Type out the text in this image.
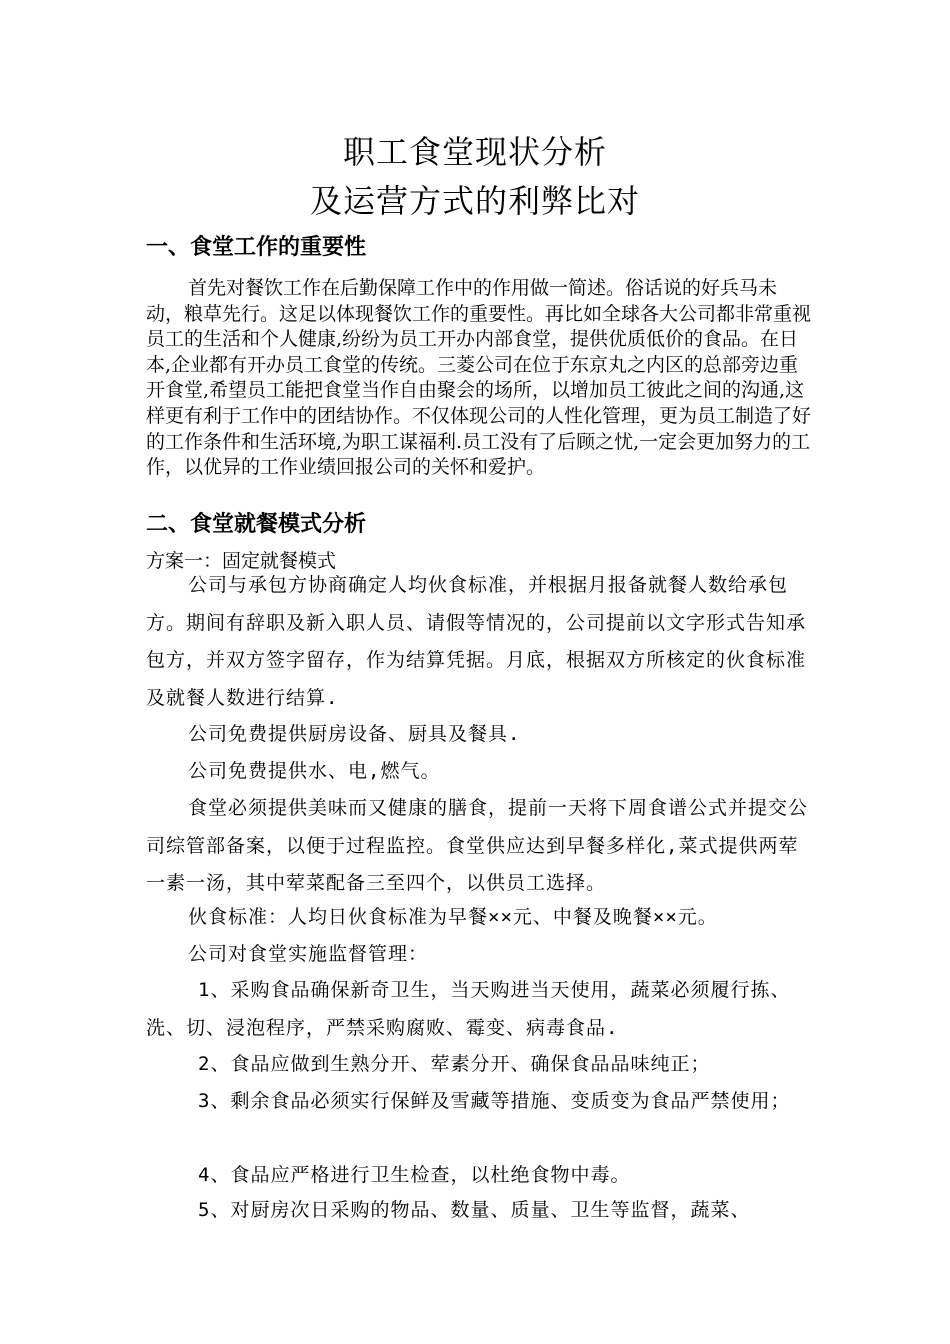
职工食堂现状分析
及运营方式的利弊比对
一、食堂工作的重要性

首先对餐饮工作在后勤保障工作中的作用做一简述。俗话说的好兵马未动，粮草先行。这足以体现餐饮工作的重要性。再比如全球各大公司都非常重视员工的生活和个人健康,纷纷为员工开办内部食堂，提供优质低价的食品。在日本,企业都有开办员工食堂的传统。三菱公司在位于东京丸之内区的总部旁边重开食堂,希望员工能把食堂当作自由聚会的场所，以增加员工彼此之间的沟通,这样更有利于工作中的团结协作。不仅体现公司的人性化管理，更为员工制造了好的工作条件和生活环境,为职工谋福利.员工没有了后顾之忧,一定会更加努力的工作，以优异的工作业绩回报公司的关怀和爱护。

二、食堂就餐模式分析
方案一：固定就餐模式

公司与承包方协商确定人均伙食标准，并根据月报备就餐人数给承包方。期间有辞职及新入职人员、请假等情况的，公司提前以文字形式告知承包方，并双方签字留存，作为结算凭据。月底，根据双方所核定的伙食标准及就餐人数进行结算.

公司免费提供厨房设备、厨具及餐具.

公司免费提供水、电,燃气。

食堂必须提供美味而又健康的膳食，提前一天将下周食谱公式并提交公司综管部备案，以便于过程监控。食堂供应达到早餐多样化,菜式提供两荤一素一汤，其中荤菜配备三至四个，以供员工选择。

伙食标准：人均日伙食标准为早餐××元、中餐及晚餐××元。

公司对食堂实施监督管理：

1、采购食品确保新奇卫生，当天购进当天使用，蔬菜必须履行拣、洗、切、浸泡程序，严禁采购腐败、霉变、病毒食品.

2、食品应做到生熟分开、荤素分开、确保食品品味纯正；

3、剩余食品必须实行保鲜及雪藏等措施、变质变为食品严禁使用；

4、食品应严格进行卫生检查，以杜绝食物中毒。

5、对厨房次日采购的物品、数量、质量、卫生等监督，蔬菜、
